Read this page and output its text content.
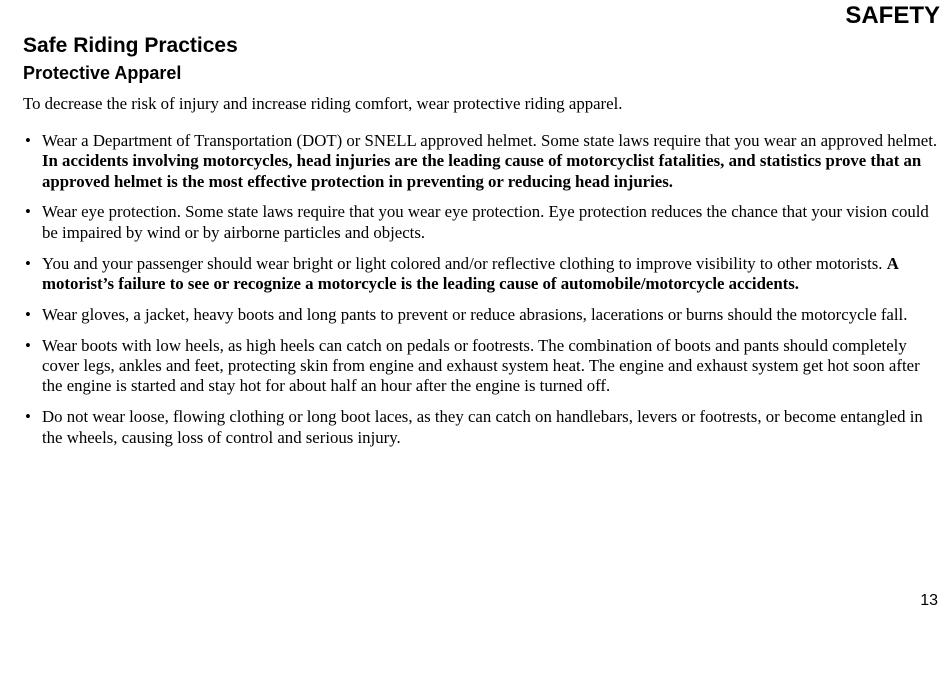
SAFETY
Safe Riding Practices
Protective Apparel

To decrease the risk of injury and increase riding comfort, wear protective riding apparel.

• Wear a Department of Transportation (DOT) or SNELL approved helmet. Some state laws require that you wear an approved helmet. In accidents involving motorcycles, head injuries are the leading cause of motorcyclist fatalities, and statistics prove that an approved helmet is the most effective protection in preventing or reducing head injuries.
• Wear eye protection. Some state laws require that you wear eye protection. Eye protection reduces the chance that your vision could be impaired by wind or by airborne particles and objects.
• You and your passenger should wear bright or light colored and/or reflective clothing to improve visibility to other motorists. A motorist’s failure to see or recognize a motorcycle is the leading cause of automobile/motorcycle accidents.
• Wear gloves, a jacket, heavy boots and long pants to prevent or reduce abrasions, lacerations or burns should the motorcycle fall.
• Wear boots with low heels, as high heels can catch on pedals or footrests. The combination of boots and pants should completely cover legs, ankles and feet, protecting skin from engine and exhaust system heat. The engine and exhaust system get hot soon after the engine is started and stay hot for about half an hour after the engine is turned off.
• Do not wear loose, flowing clothing or long boot laces, as they can catch on handlebars, levers or footrests, or become entangled in the wheels, causing loss of control and serious injury.
13
